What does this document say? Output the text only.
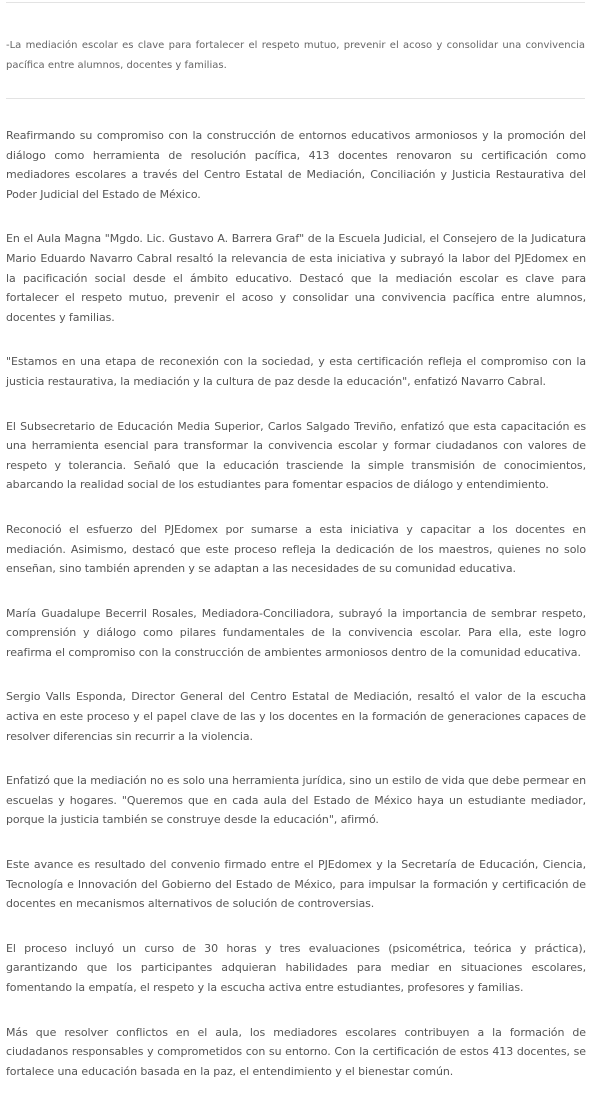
-La mediación escolar es clave para fortalecer el respeto mutuo, prevenir el acoso y consolidar una convivencia pacífica entre alumnos, docentes y familias.

Reafirmando su compromiso con la construcción de entornos educativos armoniosos y la promoción del diálogo como herramienta de resolución pacífica, 413 docentes renovaron su certificación como mediadores escolares a través del Centro Estatal de Mediación, Conciliación y Justicia Restaurativa del Poder Judicial del Estado de México.

En el Aula Magna "Mgdo. Lic. Gustavo A. Barrera Graf" de la Escuela Judicial, el Consejero de la Judicatura Mario Eduardo Navarro Cabral resaltó la relevancia de esta iniciativa y subrayó la labor del PJEdomex en la pacificación social desde el ámbito educativo. Destacó que la mediación escolar es clave para fortalecer el respeto mutuo, prevenir el acoso y consolidar una convivencia pacífica entre alumnos, docentes y familias.

"Estamos en una etapa de reconexión con la sociedad, y esta certificación refleja el compromiso con la justicia restaurativa, la mediación y la cultura de paz desde la educación", enfatizó Navarro Cabral.

El Subsecretario de Educación Media Superior, Carlos Salgado Treviño, enfatizó que esta capacitación es una herramienta esencial para transformar la convivencia escolar y formar ciudadanos con valores de respeto y tolerancia. Señaló que la educación trasciende la simple transmisión de conocimientos, abarcando la realidad social de los estudiantes para fomentar espacios de diálogo y entendimiento.

Reconoció el esfuerzo del PJEdomex por sumarse a esta iniciativa y capacitar a los docentes en mediación. Asimismo, destacó que este proceso refleja la dedicación de los maestros, quienes no solo enseñan, sino también aprenden y se adaptan a las necesidades de su comunidad educativa.

María Guadalupe Becerril Rosales, Mediadora-Conciliadora, subrayó la importancia de sembrar respeto, comprensión y diálogo como pilares fundamentales de la convivencia escolar. Para ella, este logro reafirma el compromiso con la construcción de ambientes armoniosos dentro de la comunidad educativa.

Sergio Valls Esponda, Director General del Centro Estatal de Mediación, resaltó el valor de la escucha activa en este proceso y el papel clave de las y los docentes en la formación de generaciones capaces de resolver diferencias sin recurrir a la violencia.

Enfatizó que la mediación no es solo una herramienta jurídica, sino un estilo de vida que debe permear en escuelas y hogares. "Queremos que en cada aula del Estado de México haya un estudiante mediador, porque la justicia también se construye desde la educación", afirmó.

Este avance es resultado del convenio firmado entre el PJEdomex y la Secretaría de Educación, Ciencia, Tecnología e Innovación del Gobierno del Estado de México, para impulsar la formación y certificación de docentes en mecanismos alternativos de solución de controversias.

El proceso incluyó un curso de 30 horas y tres evaluaciones (psicométrica, teórica y práctica), garantizando que los participantes adquieran habilidades para mediar en situaciones escolares, fomentando la empatía, el respeto y la escucha activa entre estudiantes, profesores y familias.

Más que resolver conflictos en el aula, los mediadores escolares contribuyen a la formación de ciudadanos responsables y comprometidos con su entorno. Con la certificación de estos 413 docentes, se fortalece una educación basada en la paz, el entendimiento y el bienestar común.
